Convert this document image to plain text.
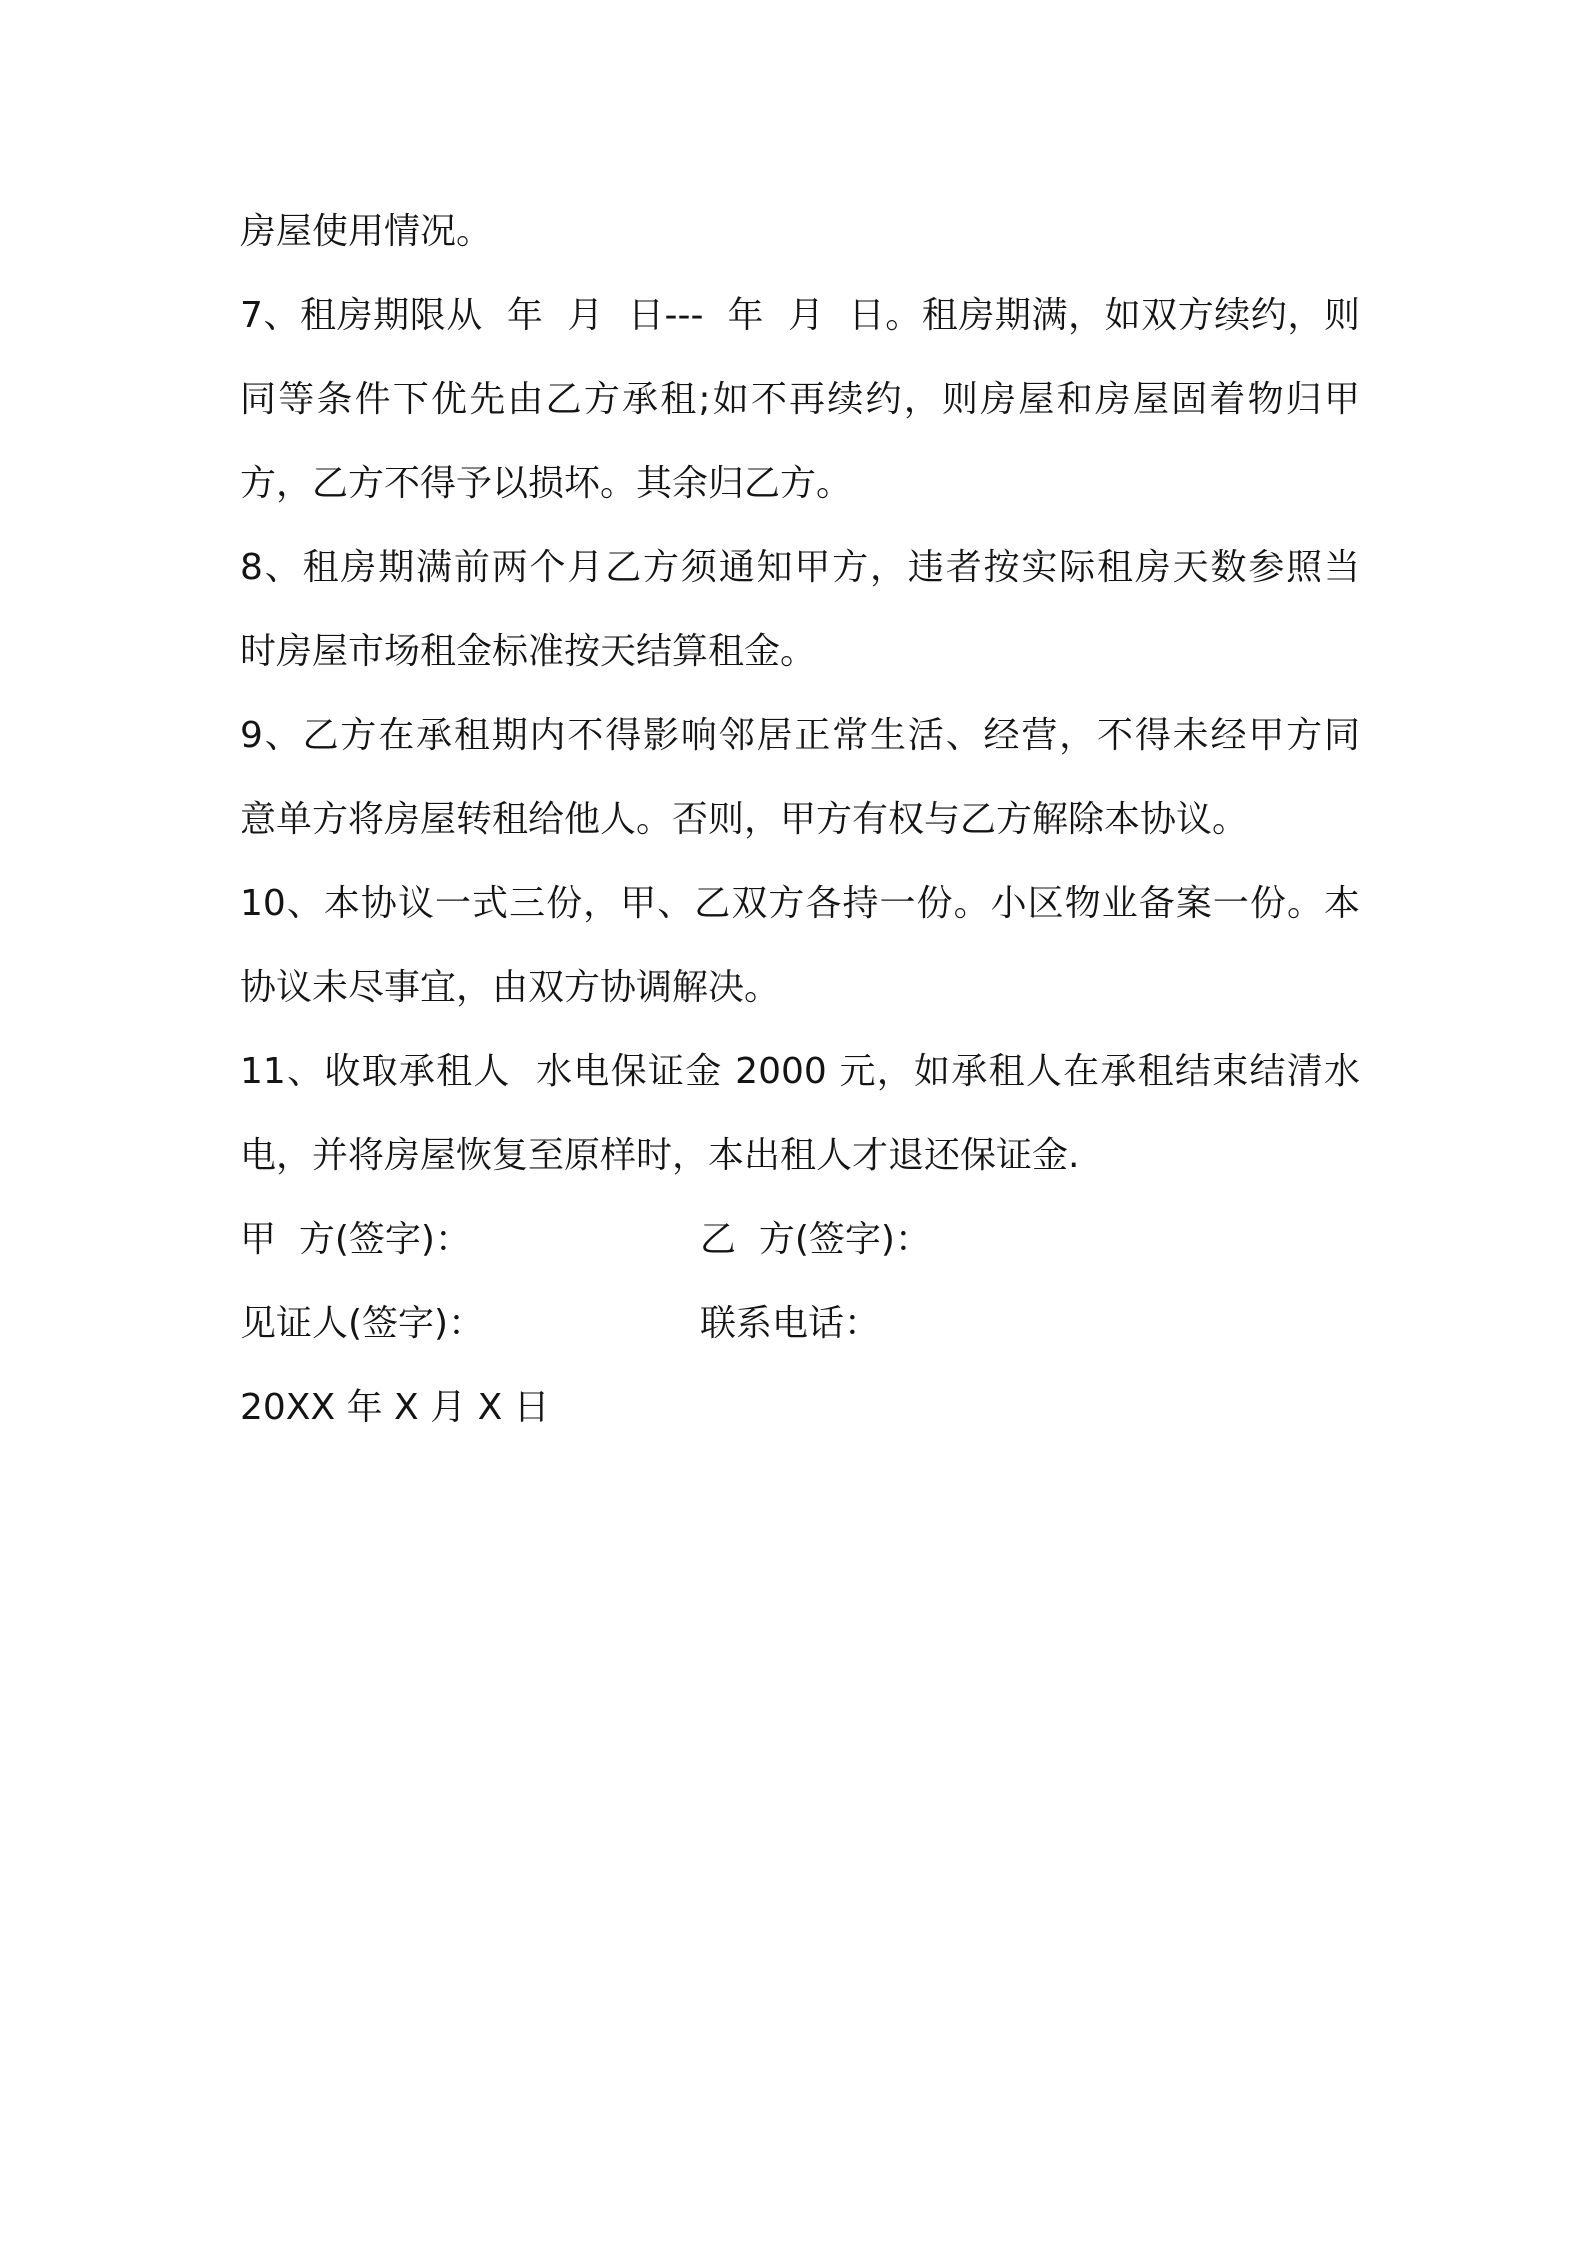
房屋使用情况。
7、租房期限从  年  月  日---  年  月  日。租房期满，如双方续约，则
同等条件下优先由乙方承租;如不再续约，则房屋和房屋固着物归甲
方，乙方不得予以损坏。其余归乙方。
8、租房期满前两个月乙方须通知甲方，违者按实际租房天数参照当
时房屋市场租金标准按天结算租金。
9、乙方在承租期内不得影响邻居正常生活、经营，不得未经甲方同
意单方将房屋转租给他人。否则，甲方有权与乙方解除本协议。
10、本协议一式三份，甲、乙双方各持一份。小区物业备案一份。本
协议未尽事宜，由双方协调解决。
11、收取承租人  水电保证金 2000 元，如承租人在承租结束结清水
电，并将房屋恢复至原样时，本出租人才退还保证金.
甲  方(签字)：	乙  方(签字)：
见证人(签字)：	联系电话：
20XX 年 X 月 X 日
